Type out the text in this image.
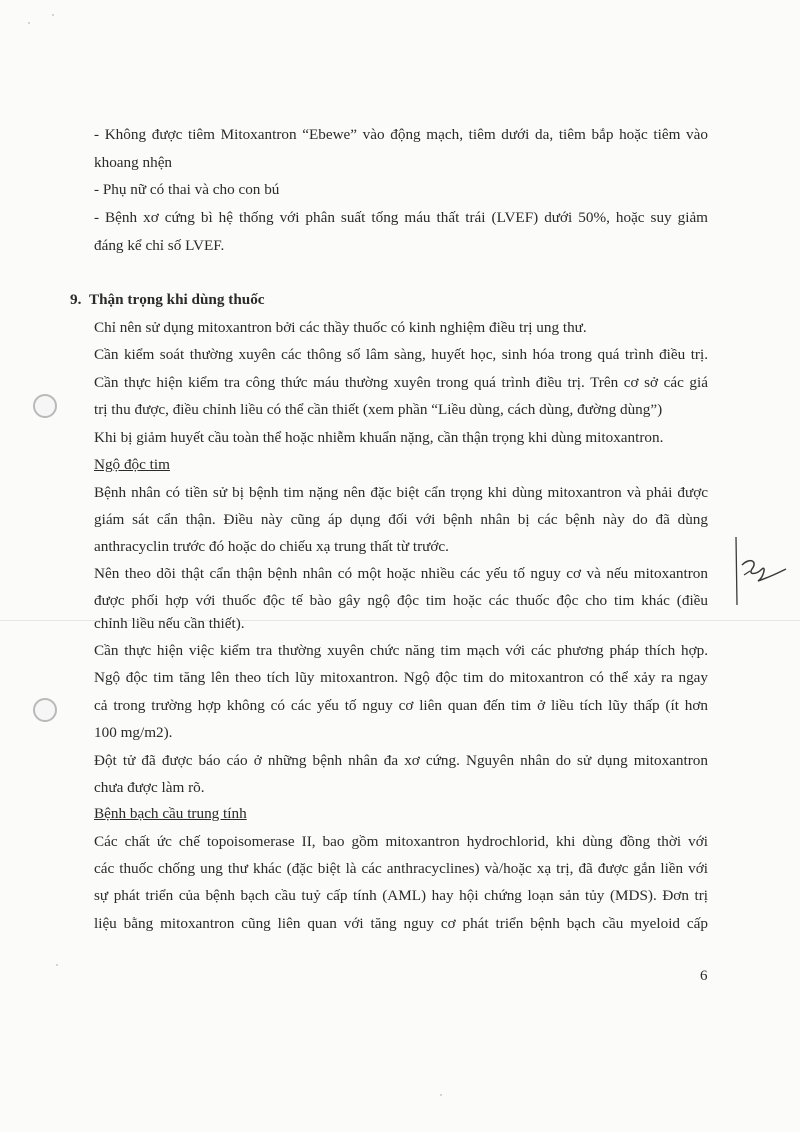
- Không được tiêm Mitoxantron “Ebewe” vào động mạch, tiêm dưới da, tiêm bắp hoặc tiêm vào
khoang nhện
- Phụ nữ có thai và cho con bú
- Bệnh xơ cứng bì hệ thống với phân suất tống máu thất trái (LVEF) dưới 50%, hoặc suy giảm
đáng kể chỉ số LVEF.
9. Thận trọng khi dùng thuốc
Chỉ nên sử dụng mitoxantron bởi các thầy thuốc có kinh nghiệm điều trị ung thư.
Cần kiểm soát thường xuyên các thông số lâm sàng, huyết học, sinh hóa trong quá trình điều trị.
Cần thực hiện kiểm tra công thức máu thường xuyên trong quá trình điều trị. Trên cơ sở các giá
trị thu được, điều chỉnh liều có thể cần thiết (xem phần “Liều dùng, cách dùng, đường dùng”)
Khi bị giảm huyết cầu toàn thể hoặc nhiễm khuẩn nặng, cần thận trọng khi dùng mitoxantron.
Ngộ độc tim
Bệnh nhân có tiền sử bị bệnh tim nặng nên đặc biệt cẩn trọng khi dùng mitoxantron và phải được
giám sát cẩn thận. Điều này cũng áp dụng đối với bệnh nhân bị các bệnh này do đã dùng
anthracyclin trước đó hoặc do chiếu xạ trung thất từ trước.
Nên theo dõi thật cẩn thận bệnh nhân có một hoặc nhiều các yếu tố nguy cơ và nếu mitoxantron
được phối hợp với thuốc độc tế bào gây ngộ độc tim hoặc các thuốc độc cho tim khác (điều
chỉnh liều nếu cần thiết).
Cần thực hiện việc kiểm tra thường xuyên chức năng tim mạch với các phương pháp thích hợp.
Ngộ độc tim tăng lên theo tích lũy mitoxantron. Ngộ độc tim do mitoxantron có thể xảy ra ngay
cả trong trường hợp không có các yếu tố nguy cơ liên quan đến tim ở liều tích lũy thấp (ít hơn
100 mg/m2).
Đột tử đã được báo cáo ở những bệnh nhân đa xơ cứng. Nguyên nhân do sử dụng mitoxantron
chưa được làm rõ.
Bệnh bạch cầu trung tính
Các chất ức chế topoisomerase II, bao gồm mitoxantron hydrochlorid, khi dùng đồng thời với
các thuốc chống ung thư khác (đặc biệt là các anthracyclines) và/hoặc xạ trị, đã được gắn liền với
sự phát triển của bệnh bạch cầu tuỷ cấp tính (AML) hay hội chứng loạn sản tủy (MDS). Đơn trị
liệu bằng mitoxantron cũng liên quan với tăng nguy cơ phát triển bệnh bạch cầu myeloid cấp
6
